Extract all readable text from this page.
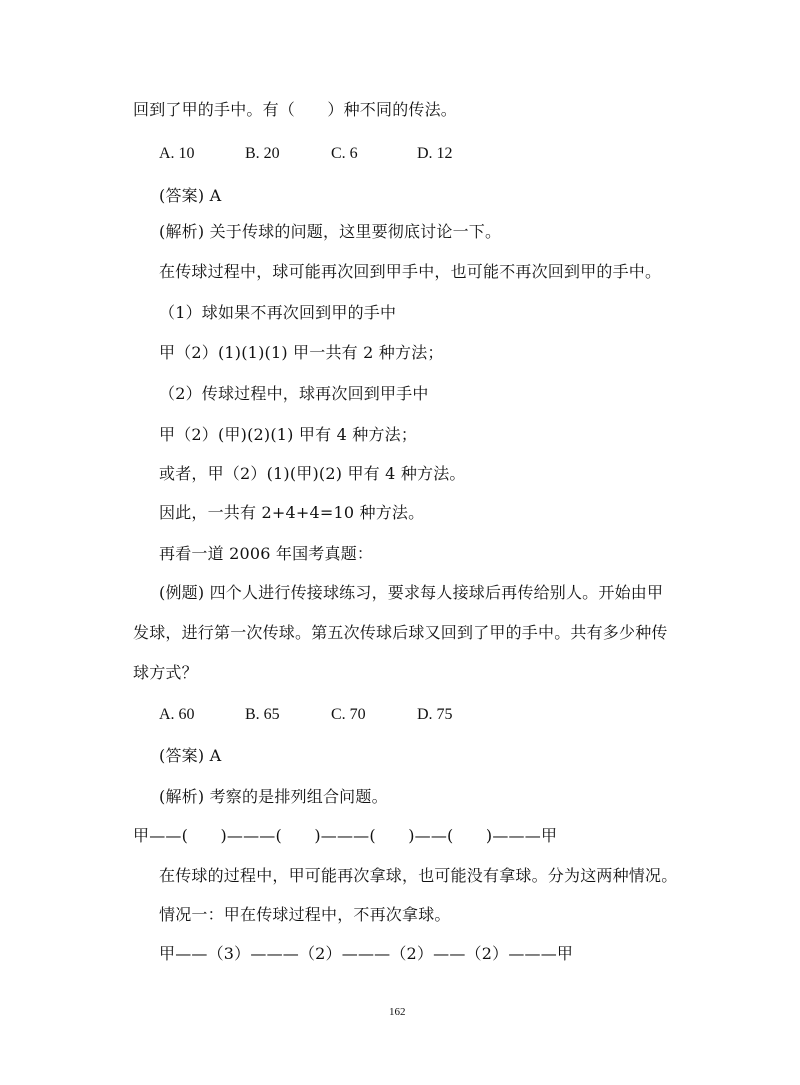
回到了甲的手中。有（　　）种不同的传法。
A. 10	B. 20	C. 6	D. 12
(答案) A
(解析) 关于传球的问题，这里要彻底讨论一下。
在传球过程中，球可能再次回到甲手中，也可能不再次回到甲的手中。
（1）球如果不再次回到甲的手中
甲（2）(1)(1)(1) 甲一共有 2 种方法；
（2）传球过程中，球再次回到甲手中
甲（2）(甲)(2)(1) 甲有 4 种方法；
或者，甲（2）(1)(甲)(2) 甲有 4 种方法。
因此，一共有 2+4+4=10 种方法。
再看一道 2006 年国考真题：
(例题) 四个人进行传接球练习，要求每人接球后再传给别人。开始由甲
发球，进行第一次传球。第五次传球后球又回到了甲的手中。共有多少种传
球方式？
A. 60	B. 65	C. 70	D. 75
(答案) A
(解析) 考察的是排列组合问题。
甲——(　　)———(　　)———(　　)——(　　)———甲
在传球的过程中，甲可能再次拿球，也可能没有拿球。分为这两种情况。
情况一：甲在传球过程中，不再次拿球。
甲——（3）———（2）———（2）——（2）———甲
162
